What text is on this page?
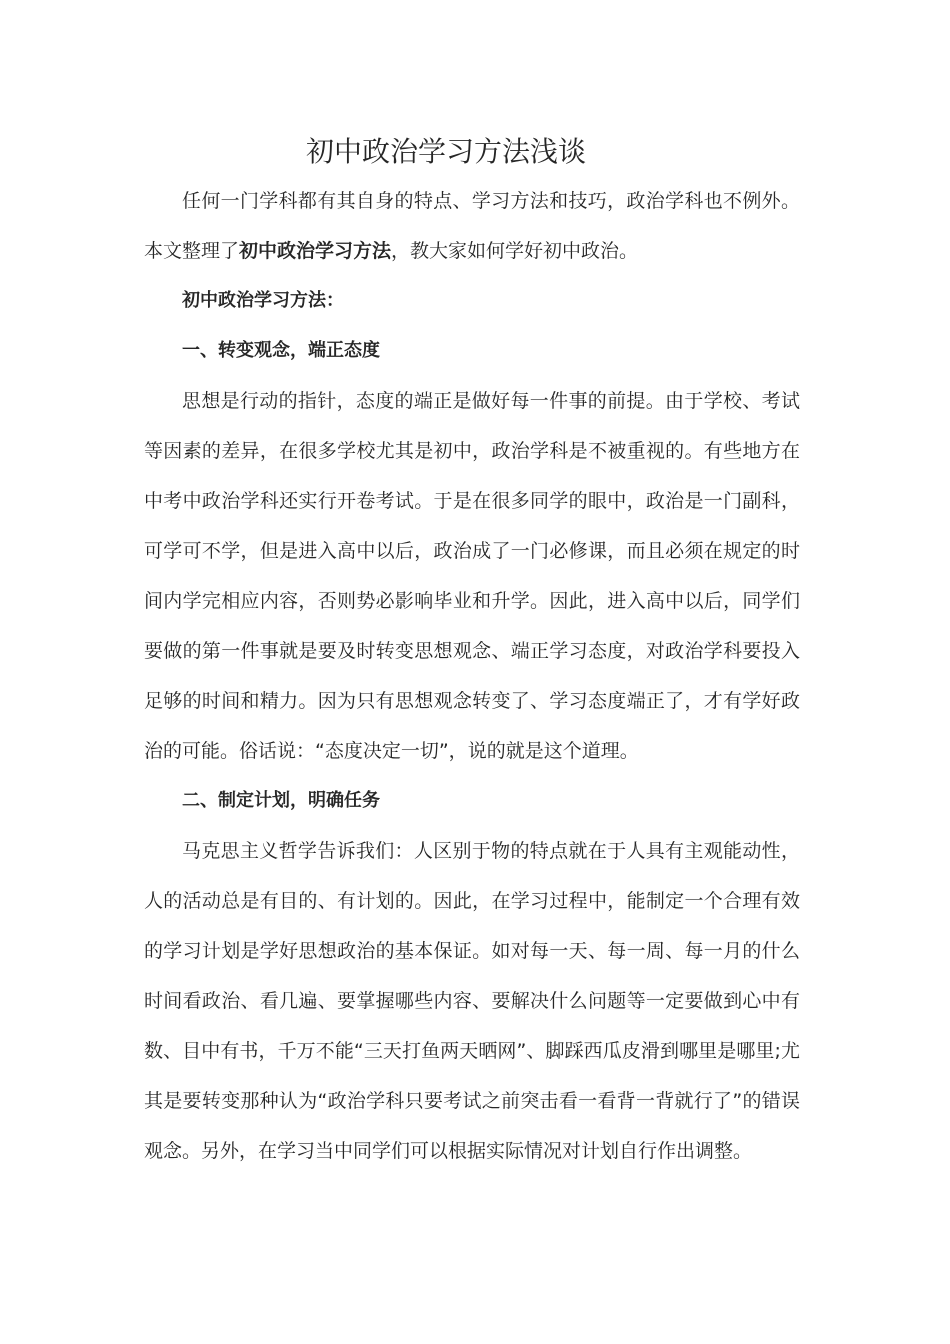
初中政治学习方法浅谈

任何一门学科都有其自身的特点、学习方法和技巧，政治学科也不例外。本文整理了初中政治学习方法，教大家如何学好初中政治。

初中政治学习方法：

一、转变观念，端正态度

思想是行动的指针，态度的端正是做好每一件事的前提。由于学校、考试等因素的差异，在很多学校尤其是初中，政治学科是不被重视的。有些地方在中考中政治学科还实行开卷考试。于是在很多同学的眼中，政治是一门副科，可学可不学，但是进入高中以后，政治成了一门必修课，而且必须在规定的时间内学完相应内容，否则势必影响毕业和升学。因此，进入高中以后，同学们要做的第一件事就是要及时转变思想观念、端正学习态度，对政治学科要投入足够的时间和精力。因为只有思想观念转变了、学习态度端正了，才有学好政治的可能。俗话说：“态度决定一切”，说的就是这个道理。

二、制定计划，明确任务

马克思主义哲学告诉我们：人区别于物的特点就在于人具有主观能动性，人的活动总是有目的、有计划的。因此，在学习过程中，能制定一个合理有效的学习计划是学好思想政治的基本保证。如对每一天、每一周、每一月的什么时间看政治、看几遍、要掌握哪些内容、要解决什么问题等一定要做到心中有数、目中有书，千万不能“三天打鱼两天晒网”、脚踩西瓜皮滑到哪里是哪里;尤其是要转变那种认为“政治学科只要考试之前突击看一看背一背就行了”的错误观念。另外，在学习当中同学们可以根据实际情况对计划自行作出调整。
